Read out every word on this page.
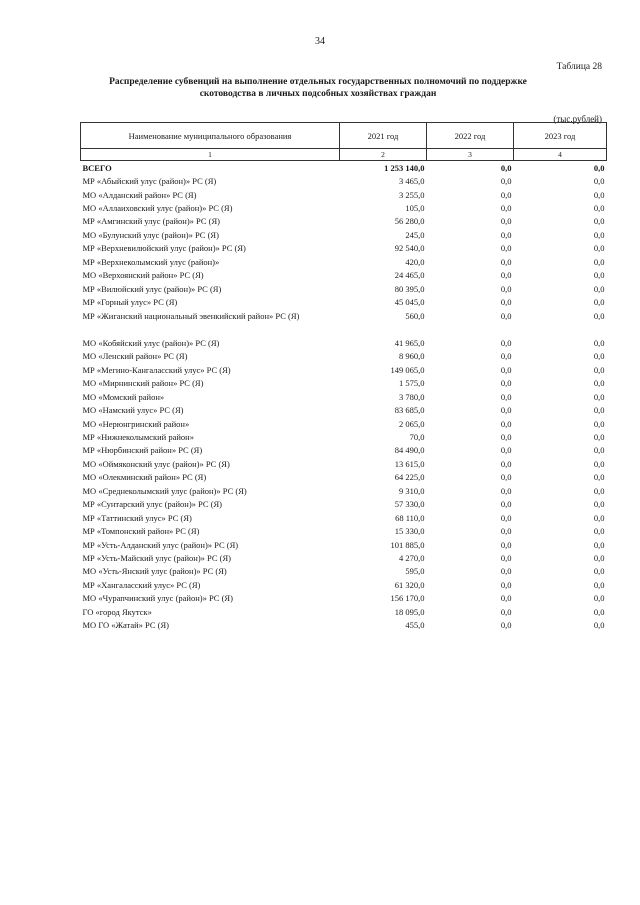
34
Таблица 28
Распределение субвенций на выполнение отдельных государственных полномочий по поддержке скотоводства в личных подсобных хозяйствах граждан
(тыс.рублей)
Наименование муниципального образования	2021 год	2022 год	2023 год
1	2	3	4
ВСЕГО	1 253 140,0	0,0	0,0
МР «Абыйский улус (район)» РС (Я)	3 465,0	0,0	0,0
МО «Алданский район» РС (Я)	3 255,0	0,0	0,0
МО «Аллаиховский улус (район)» РС (Я)	105,0	0,0	0,0
МР «Амгинский улус (район)» РС (Я)	56 280,0	0,0	0,0
МО «Булунский улус (район)» РС (Я)	245,0	0,0	0,0
МР «Верхневилюйский улус (район)» РС (Я)	92 540,0	0,0	0,0
МР «Верхнеколымский улус (район)»	420,0	0,0	0,0
МО «Верхоянский район» РС (Я)	24 465,0	0,0	0,0
МР «Вилюйский улус (район)» РС (Я)	80 395,0	0,0	0,0
МР «Горный улус» РС (Я)	45 045,0	0,0	0,0
МР «Жиганский национальный эвенкийский район» РС (Я)	560,0	0,0	0,0

МО «Кобяйский улус (район)» РС (Я)	41 965,0	0,0	0,0
МО «Ленский район» РС (Я)	8 960,0	0,0	0,0
МР «Мегино-Кангаласский улус» РС (Я)	149 065,0	0,0	0,0
МО «Мирнинский район» РС (Я)	1 575,0	0,0	0,0
МО «Момский район»	3 780,0	0,0	0,0
МО «Намский улус» РС (Я)	83 685,0	0,0	0,0
МО «Нерюнгринский район»	2 065,0	0,0	0,0
МР «Нижнеколымский район»	70,0	0,0	0,0
МР «Нюрбинский район» РС (Я)	84 490,0	0,0	0,0
МО «Оймяконский улус (район)» РС (Я)	13 615,0	0,0	0,0
МО «Олекминский район» РС (Я)	64 225,0	0,0	0,0
МО «Среднеколымский улус (район)» РС (Я)	9 310,0	0,0	0,0
МР «Сунтарский улус (район)» РС (Я)	57 330,0	0,0	0,0
МР «Таттинский улус» РС (Я)	68 110,0	0,0	0,0
МР «Томпонский район» РС (Я)	15 330,0	0,0	0,0
МР «Усть-Алданский улус (район)» РС (Я)	101 885,0	0,0	0,0
МР «Усть-Майский улус (район)» РС (Я)	4 270,0	0,0	0,0
МО «Усть-Янский улус (район)» РС (Я)	595,0	0,0	0,0
МР «Хангаласский улус» РС (Я)	61 320,0	0,0	0,0
МО «Чурапчинский улус (район)» РС (Я)	156 170,0	0,0	0,0
ГО «город Якутск»	18 095,0	0,0	0,0
МО ГО «Жатай» РС (Я)	455,0	0,0	0,0
